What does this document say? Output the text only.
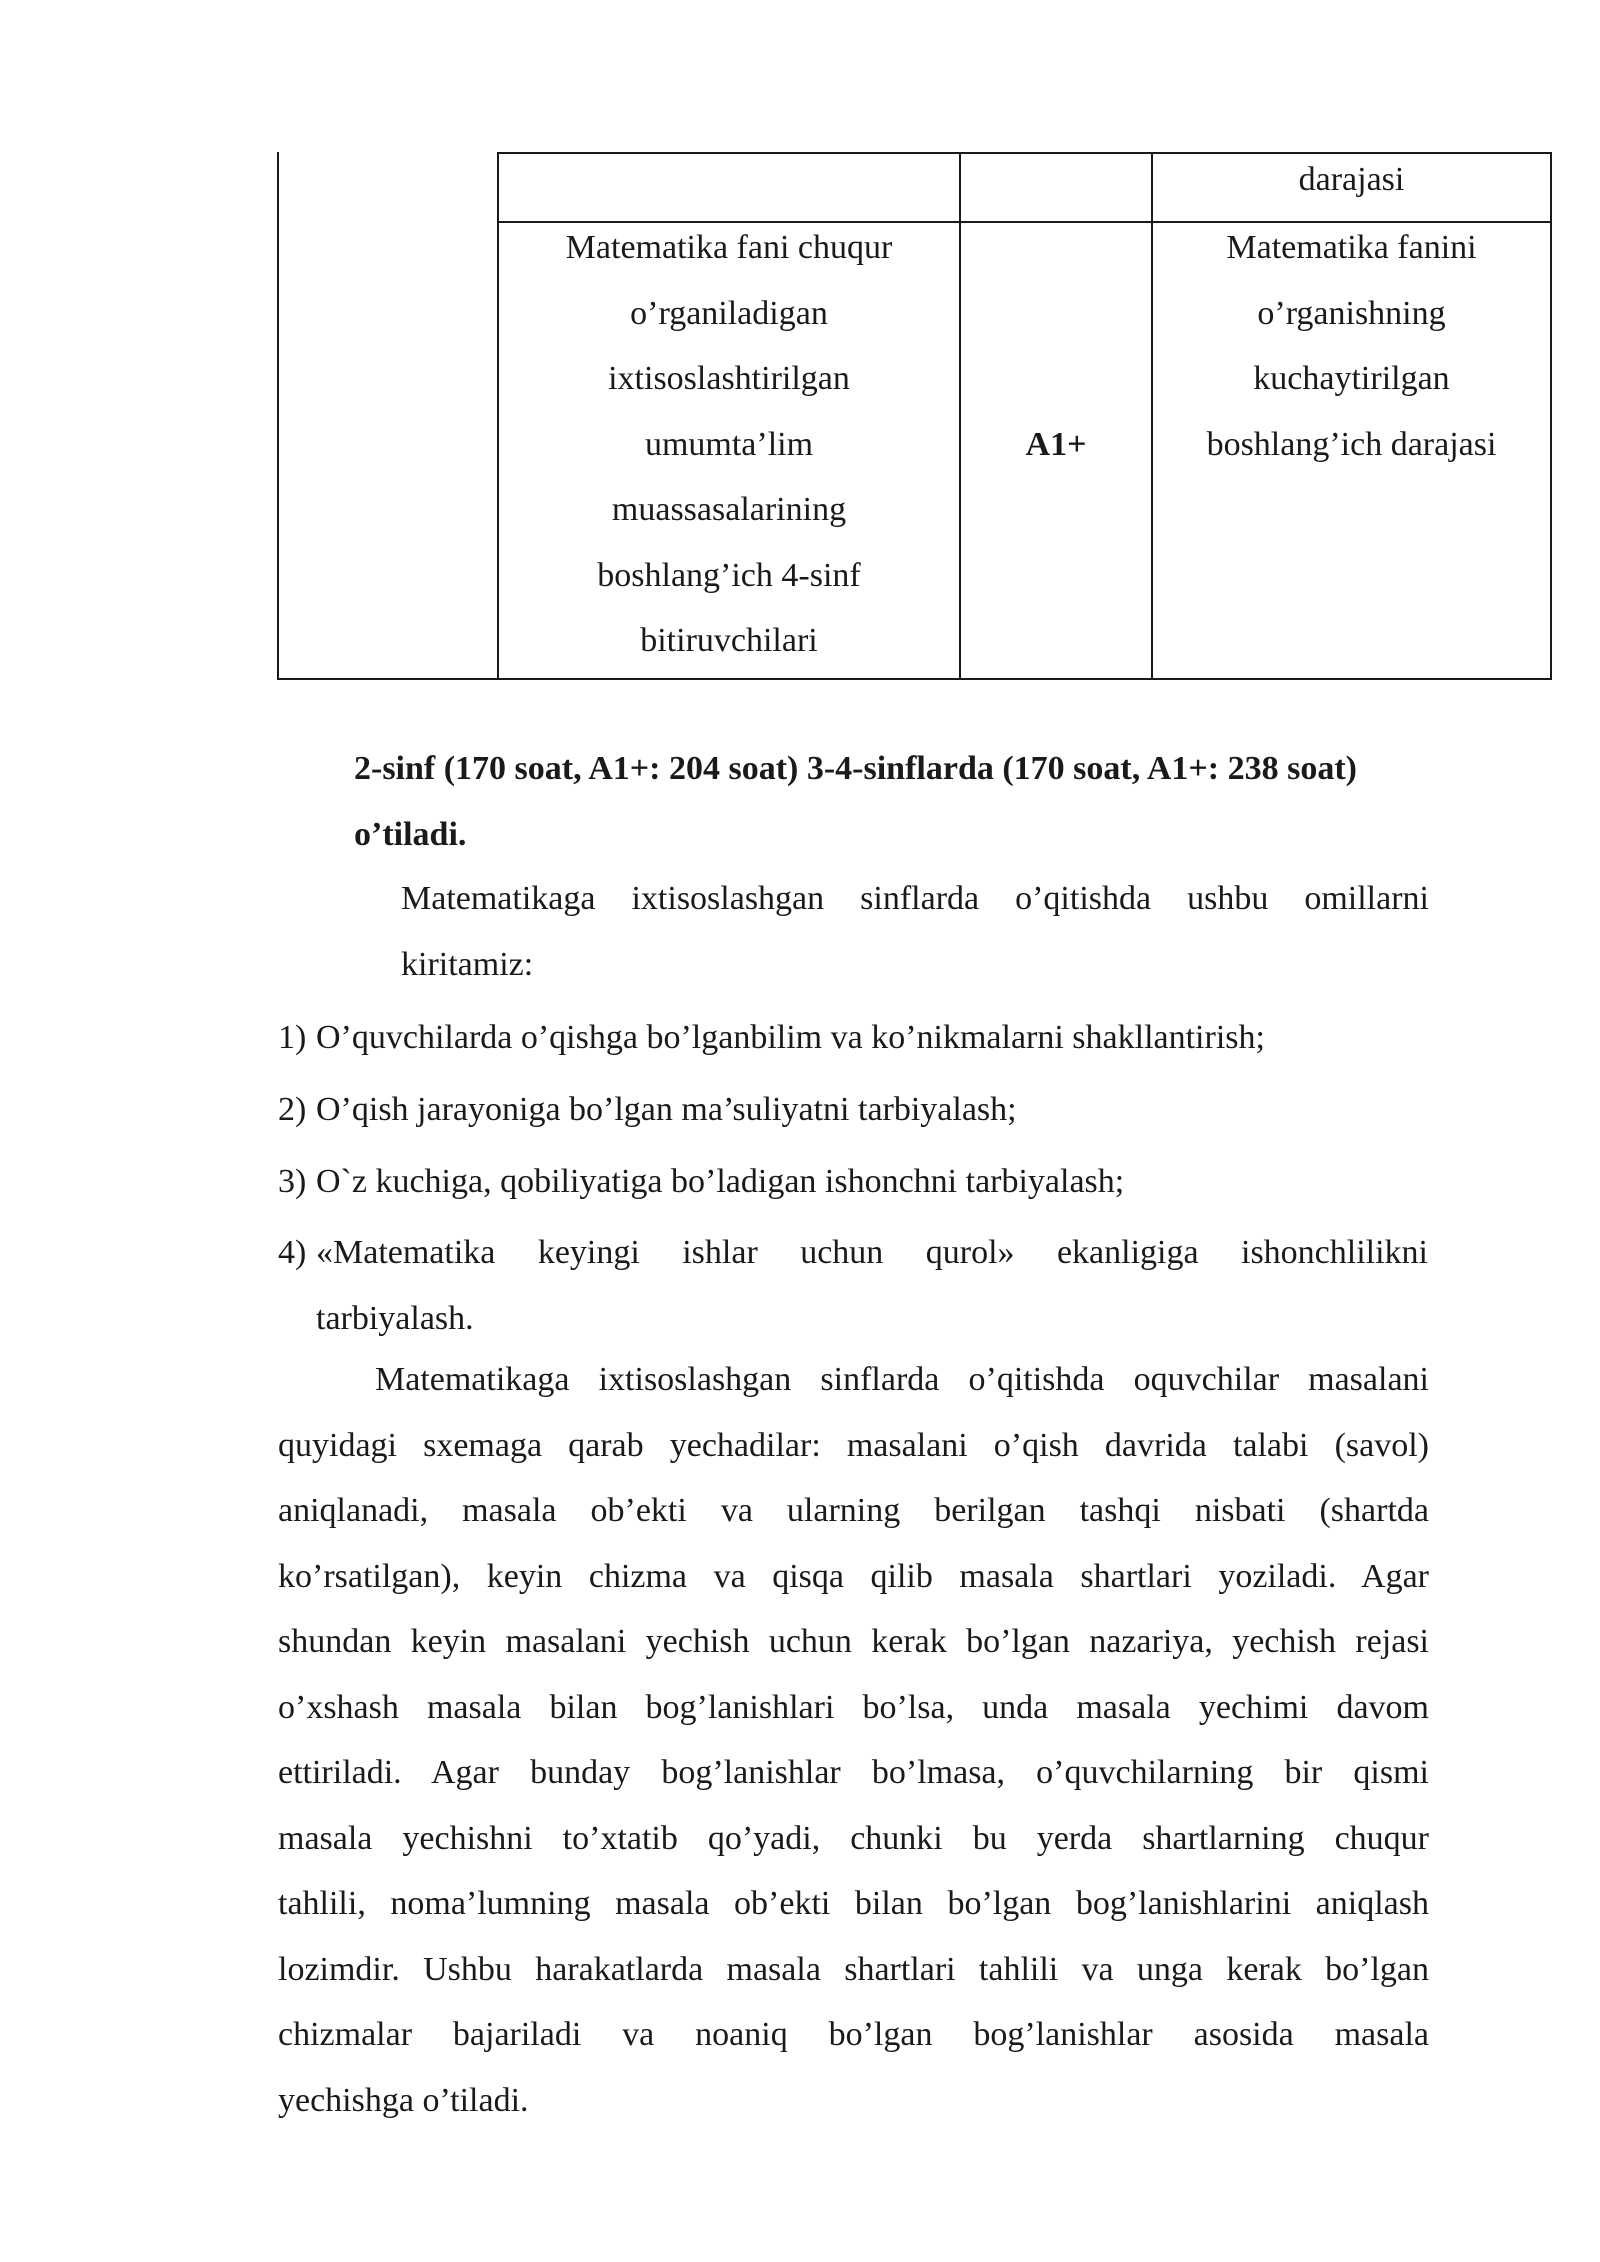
darajasi
Matematika fani chuqur
o’rganiladigan
ixtisoslashtirilgan
umumta’lim
muassasalarining
boshlang’ich 4-sinf
bitiruvchilari
A1+
Matematika fanini
o’rganishning
kuchaytirilgan
boshlang’ich darajasi
2-sinf (170 soat, A1+: 204 soat) 3-4-sinflarda (170 soat, A1+: 238 soat)
o’tiladi.
Matematikaga ixtisoslashgan sinflarda o’qitishda ushbu omillarni
kiritamiz:
1) O’quvchilarda o’qishga bo’lganbilim va ko’nikmalarni shakllantirish;
2) O’qish jarayoniga bo’lgan ma’suliyatni tarbiyalash;
3) O`z kuchiga, qobiliyatiga bo’ladigan ishonchni tarbiyalash;
4) «Matematika keyingi ishlar uchun qurol» ekanligiga ishonchlilikni
tarbiyalash.
Matematikaga ixtisoslashgan sinflarda o’qitishda oquvchilar masalani
quyidagi sxemaga qarab yechadilar: masalani o’qish davrida talabi (savol)
aniqlanadi, masala ob’ekti va ularning berilgan tashqi nisbati (shartda
ko’rsatilgan), keyin chizma va qisqa qilib masala shartlari yoziladi. Agar
shundan keyin masalani yechish uchun kerak bo’lgan nazariya, yechish rejasi
o’xshash masala bilan bog’lanishlari bo’lsa, unda masala yechimi davom
ettiriladi. Agar bunday bog’lanishlar bo’lmasa, o’quvchilarning bir qismi
masala yechishni to’xtatib qo’yadi, chunki bu yerda shartlarning chuqur
tahlili, noma’lumning masala ob’ekti bilan bo’lgan bog’lanishlarini aniqlash
lozimdir. Ushbu harakatlarda masala shartlari tahlili va unga kerak bo’lgan
chizmalar bajariladi va noaniq bo’lgan bog’lanishlar asosida masala
yechishga o’tiladi.
